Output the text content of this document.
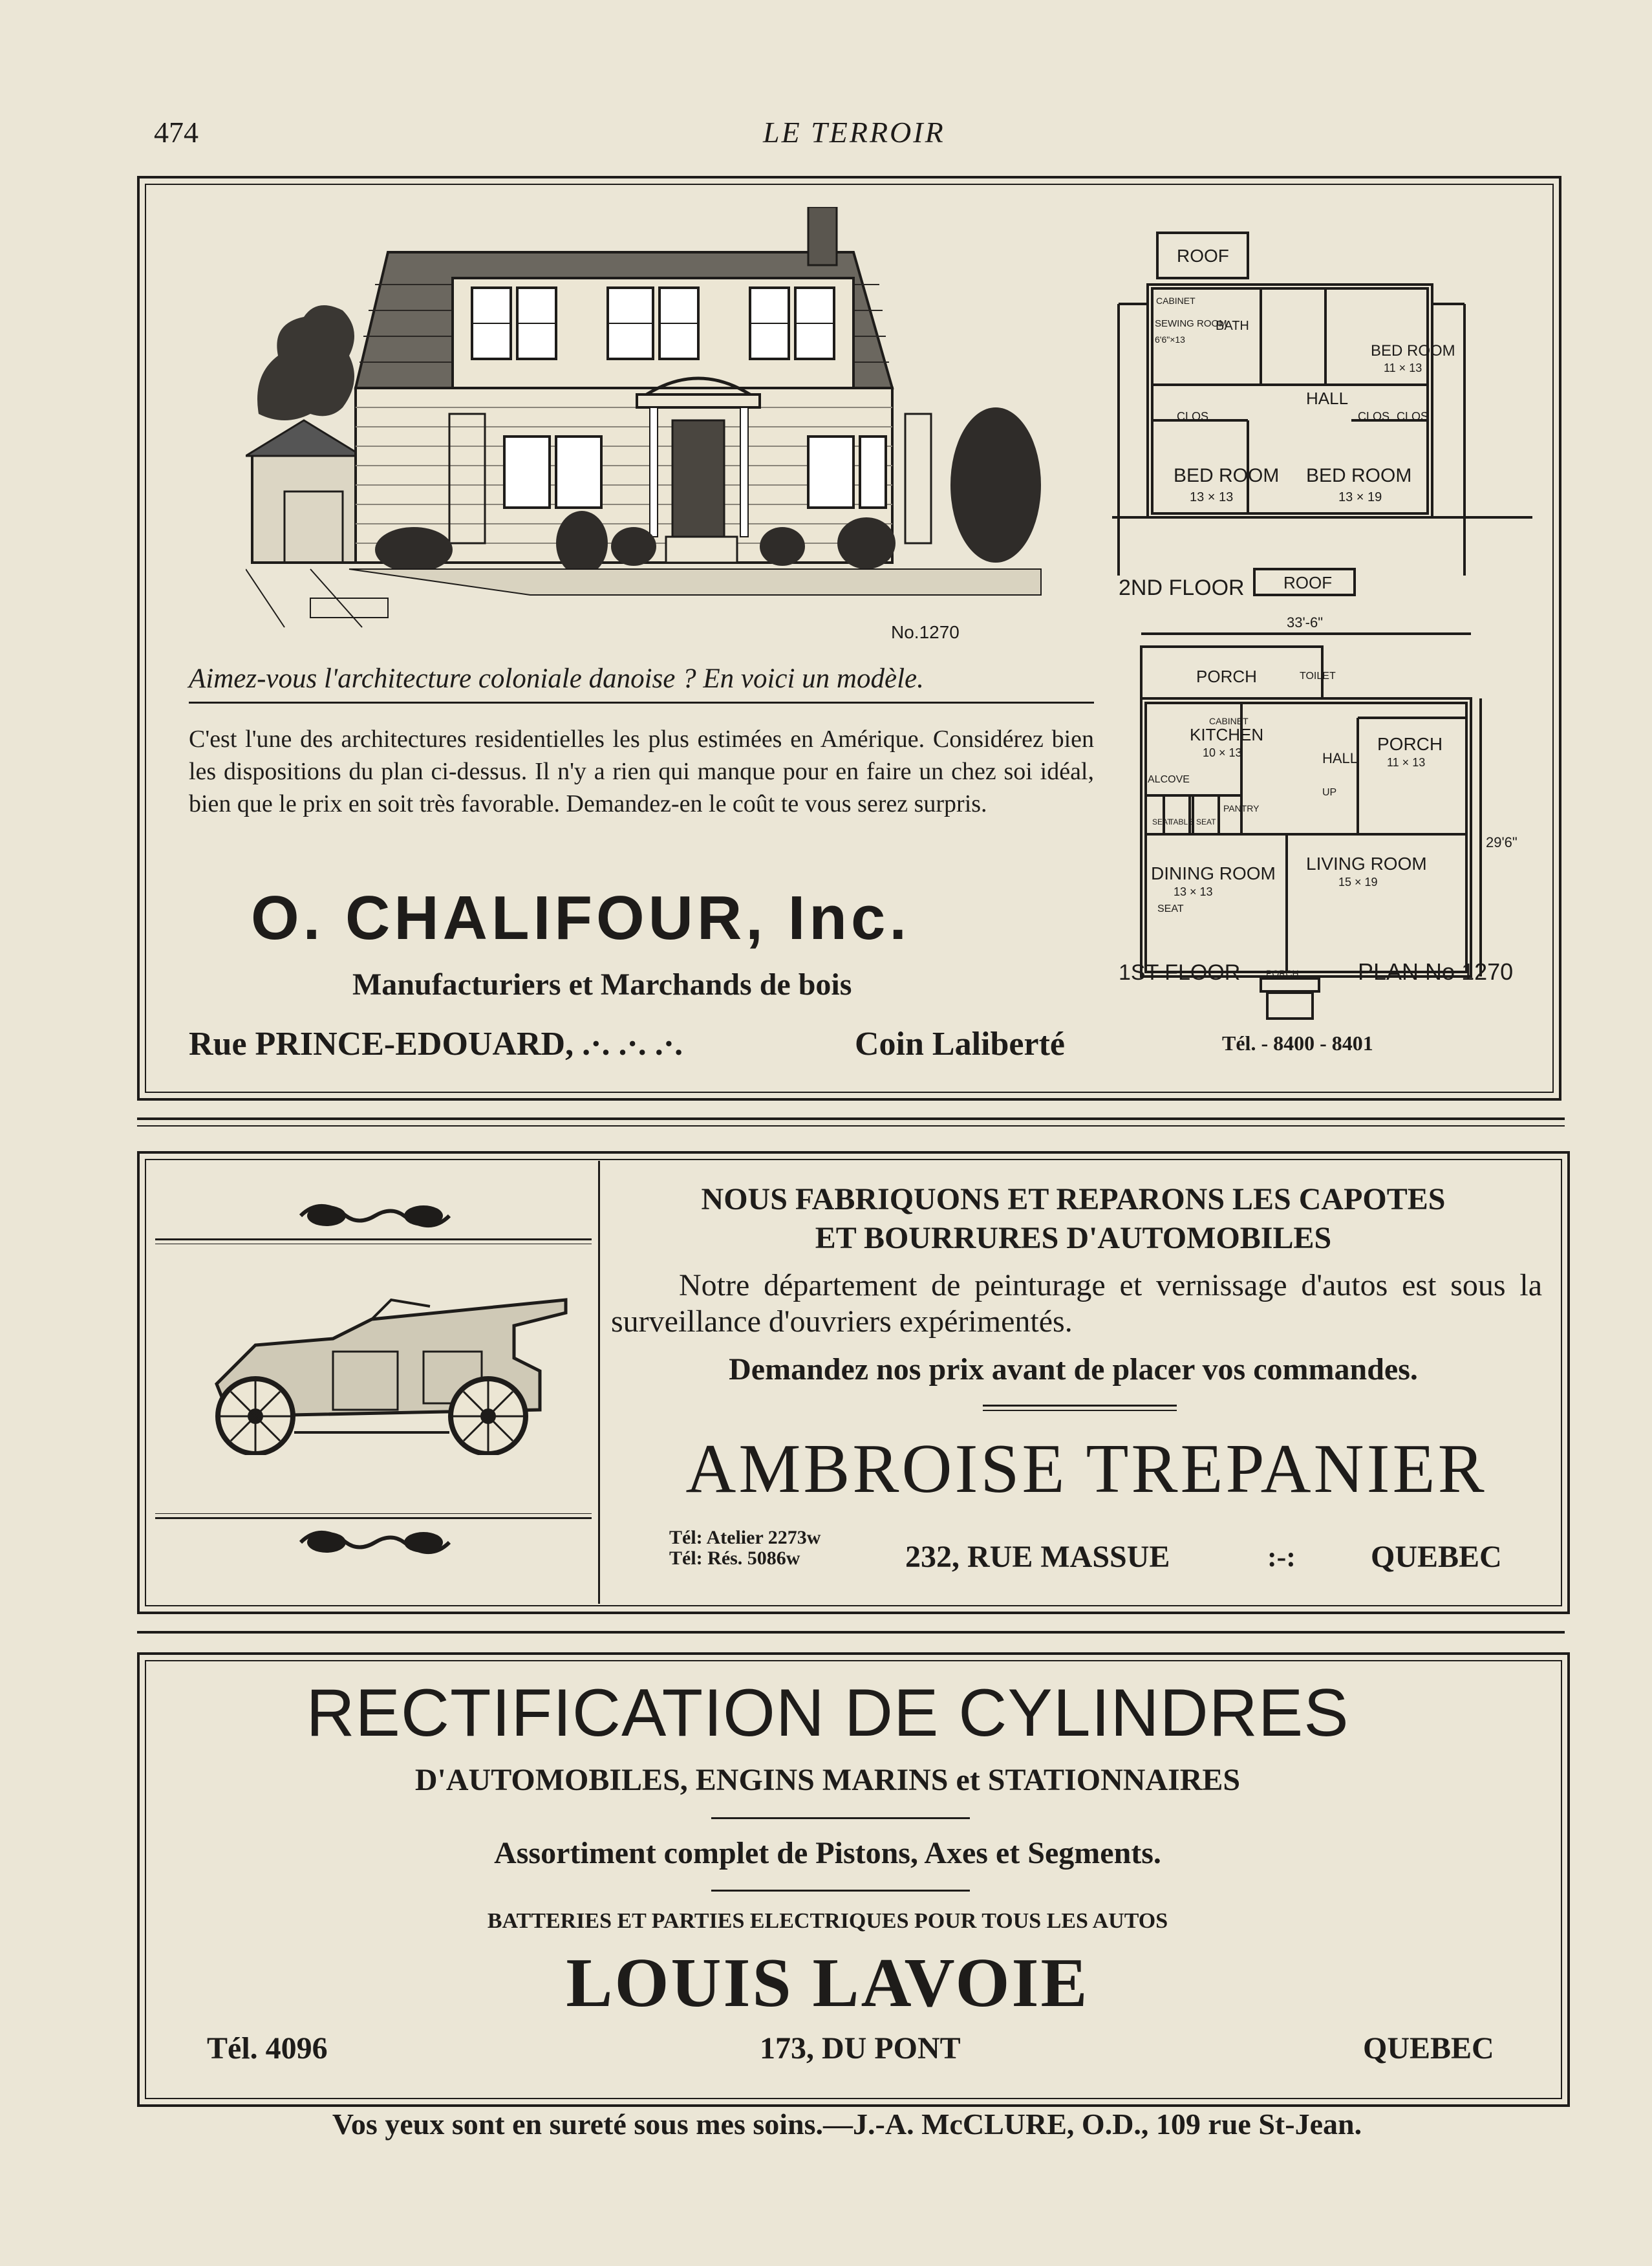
474	LE TERROIR
No.1270
Aimez-vous l'architecture coloniale danoise ? En voici un modèle.
C'est l'une des architectures residentielles les plus estimées en Amérique. Considérez bien les dispositions du plan ci-dessus. Il n'y a rien qui manque pour en faire un chez soi idéal, bien que le prix en soit très favorable. Demandez-en le coût te vous serez surpris.
O. CHALIFOUR, Inc.
Manufacturiers et Marchands de bois
Rue PRINCE-EDOUARD, .·. .·. .·.	Coin Laliberté	Tél. - 8400 - 8401
ROOF
CABINET
SEWING ROOM
6'6"×13
BATH
BED ROOM
11 × 13
HALL
CLOS	CLOS CLOS
BED ROOM
13 × 13
BED ROOM
13 × 19
2ND FLOOR ROOF
33'-6"
PORCH	TOILET
CABINET
KITCHEN
10 × 13	HALL
PORCH
11 × 13
ALCOVE
SEAT
TABLE SEAT
PANTRY
UP
29'6"
DINING ROOM
13 × 13
SEAT
LIVING ROOM
15 × 19
1ST FLOOR	PORCH	PLAN No 1270
NOUS FABRIQUONS ET REPARONS LES CAPOTES
ET BOURRURES D'AUTOMOBILES
Notre département de peinturage et vernissage d'autos est sous la surveillance d'ouvriers expérimentés.
Demandez nos prix avant de placer vos commandes.
AMBROISE TREPANIER
Tél: Atelier 2273w
Tél: Rés. 5086w	232, RUE MASSUE	:-: QUEBEC
RECTIFICATION DE CYLINDRES
D'AUTOMOBILES, ENGINS MARINS et STATIONNAIRES
Assortiment complet de Pistons, Axes et Segments.
BATTERIES ET PARTIES ELECTRIQUES POUR TOUS LES AUTOS
LOUIS LAVOIE
Tél. 4096	173, DU PONT	QUEBEC
Vos yeux sont en sureté sous mes soins.—J.-A. McCLURE, O.D., 109 rue St-Jean.
